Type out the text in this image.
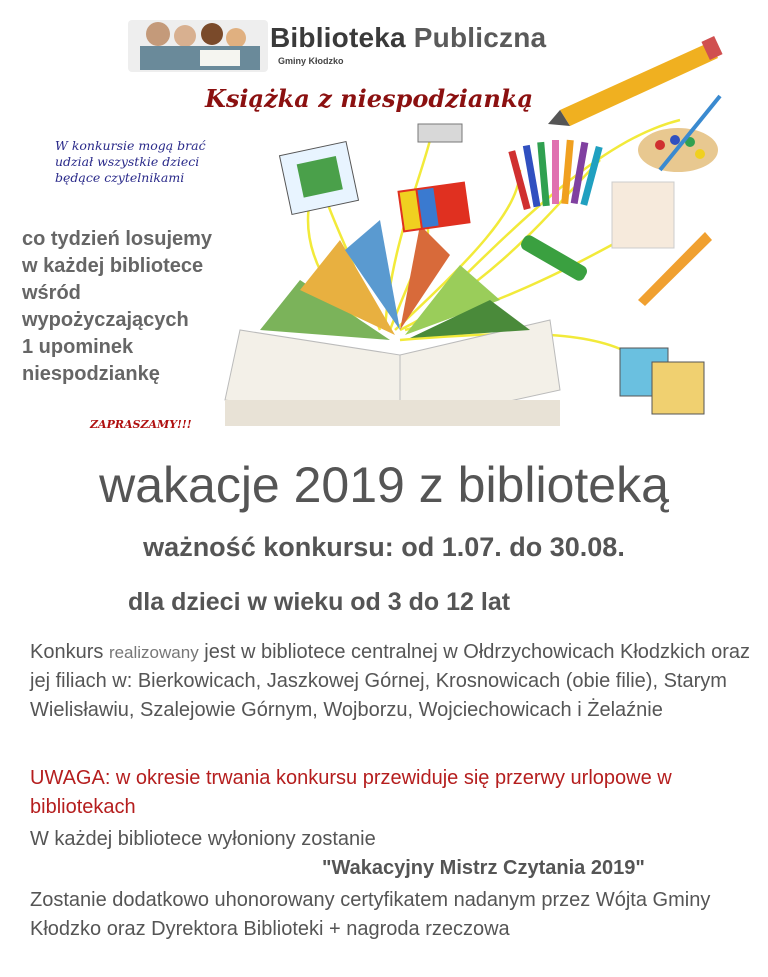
Biblioteka Publiczna
Gminy Kłodzko
Książka z niespodzianką
W konkursie mogą brać
udział wszystkie dzieci
będące czytelnikami
co tydzień losujemy
w każdej bibliotece
wśród
wypożyczających
1 upominek
niespodziankę
ZAPRASZAMY!!!
wakacje 2019 z biblioteką
ważność konkursu: od 1.07. do 30.08.
dla dzieci w wieku od 3 do 12 lat
Konkurs realizowany jest w bibliotece centralnej w Ołdrzychowicach Kłodzkich oraz jej filiach w: Bierkowicach, Jaszkowej Górnej, Krosnowicach (obie filie), Starym Wielisławiu, Szalejowie Górnym, Wojborzu, Wojciechowicach i Żelaźnie
UWAGA: w okresie trwania konkursu przewiduje się przerwy urlopowe w bibliotekach
W każdej bibliotece wyłoniony zostanie
"Wakacyjny Mistrz Czytania 2019"
Zostanie dodatkowo uhonorowany certyfikatem nadanym przez Wójta Gminy Kłodzko oraz Dyrektora Biblioteki + nagroda rzeczowa
